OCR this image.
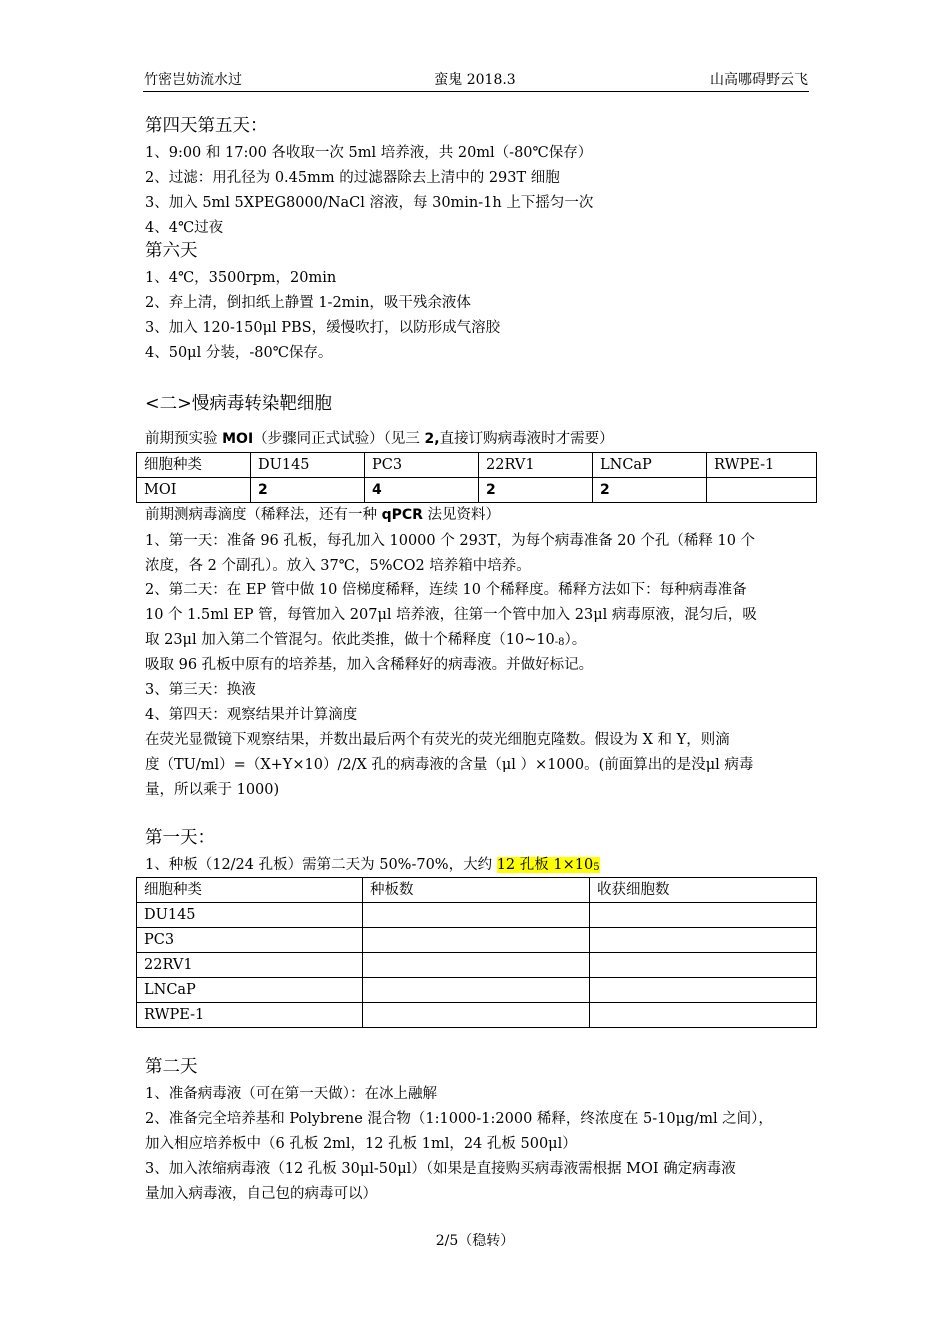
竹密岂妨流水过	蛮鬼 2018.3	山高哪碍野云飞
第四天第五天：
1、9:00 和 17:00 各收取一次 5ml 培养液，共 20ml（-80℃保存）
2、过滤：用孔径为 0.45mm 的过滤器除去上清中的 293T 细胞
3、加入 5ml 5XPEG8000/NaCl 溶液，每 30min-1h 上下摇匀一次
4、4℃过夜
第六天
1、4℃，3500rpm，20min
2、弃上清，倒扣纸上静置 1-2min，吸干残余液体
3、加入 120-150μl PBS，缓慢吹打，以防形成气溶胶
4、50μl 分装，-80℃保存。
<二>慢病毒转染靶细胞
前期预实验 MOI（步骤同正式试验）（见三 2,直接订购病毒液时才需要）
细胞种类	DU145	PC3	22RV1	LNCaP	RWPE-1
MOI	2	4	2	2	
前期测病毒滴度（稀释法，还有一种 qPCR 法见资料）
1、第一天：准备 96 孔板，每孔加入 10000 个 293T，为每个病毒准备 20 个孔（稀释 10 个
浓度，各 2 个副孔）。放入 37℃，5%CO2 培养箱中培养。
2、第二天：在 EP 管中做 10 倍梯度稀释，连续 10 个稀释度。稀释方法如下：每种病毒准备
10 个 1.5ml EP 管，每管加入 207μl 培养液，往第一个管中加入 23μl 病毒原液，混匀后，吸
取 23μl 加入第二个管混匀。依此类推，做十个稀释度（10~10-8）。
吸取 96 孔板中原有的培养基，加入含稀释好的病毒液。并做好标记。
3、第三天：换液
4、第四天：观察结果并计算滴度
在荧光显微镜下观察结果，并数出最后两个有荧光的荧光细胞克隆数。假设为 X 和 Y，则滴
度（TU/ml）=（X+Y×10）/2/X 孔的病毒液的含量（μl ）×1000。(前面算出的是没μl 病毒
量，所以乘于 1000)
第一天：
1、种板（12/24 孔板）需第二天为 50%-70%，大约 12 孔板 1×105
细胞种类	种板数	收获细胞数
DU145		
PC3		
22RV1		
LNCaP		
RWPE-1		
第二天
1、准备病毒液（可在第一天做）：在冰上融解
2、准备完全培养基和 Polybrene 混合物（1:1000-1:2000 稀释，终浓度在 5-10μg/ml 之间），
加入相应培养板中（6 孔板 2ml，12 孔板 1ml，24 孔板 500μl）
3、加入浓缩病毒液（12 孔板 30μl-50μl）（如果是直接购买病毒液需根据 MOI 确定病毒液
量加入病毒液，自己包的病毒可以）
2/5（稳转）
